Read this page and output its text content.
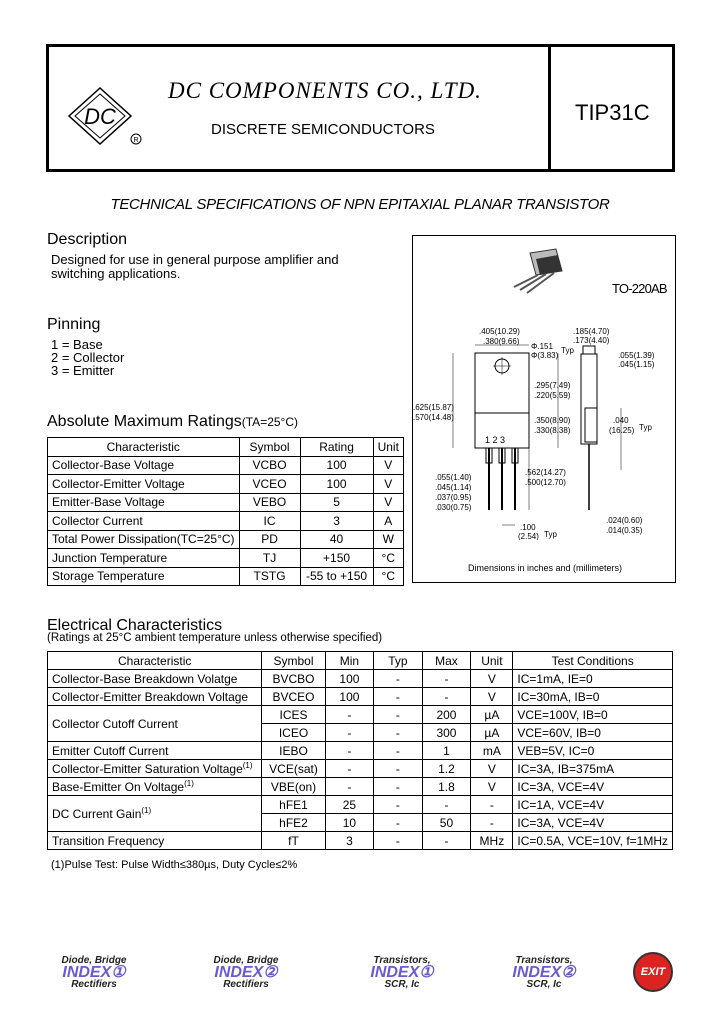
DC
R
DC COMPONENTS CO., LTD.
DISCRETE SEMICONDUCTORS
TIP31C
TECHNICAL SPECIFICATIONS OF NPN EPITAXIAL PLANAR TRANSISTOR
Description
Designed for use in general purpose amplifier and
switching applications.
Pinning
1 = Base
2 = Collector
3 = Emitter
TO-220AB
.405(10.29)
.380(9.66)
.185(4.70)
.173(4.40)
Φ.151
Φ(3.83)
Typ
.055(1.39)
.045(1.15)
.295(7.49)
.220(5.59)
.625(15.87)
.570(14.48)	.350(8.90)
.330(8.38)
.040
(16.25) Typ
1 2 3
.055(1.40)
.045(1.14)
.037(0.95)
.030(0.75)
.562(14.27)
.500(12.70)
.024(0.60)
.014(0.35)
.100
(2.54) Typ
Dimensions in inches and (millimeters)
Absolute Maximum Ratings(TA=25°C)
Characteristic	Symbol	Rating	Unit
Collector-Base Voltage	VCBO	100	V
Collector-Emitter Voltage	VCEO	100	V
Emitter-Base Voltage	VEBO	5	V
Collector Current	IC	3	A
Total Power Dissipation(TC=25°C)	PD	40	W
Junction Temperature	TJ	+150	°C
Storage Temperature	TSTG	-55 to +150	°C
Electrical Characteristics
(Ratings at 25°C ambient temperature unless otherwise specified)
Characteristic	Symbol	Min	Typ	Max	Unit	Test Conditions
Collector-Base Breakdown Volatge	BVCBO	100	-	-	V	IC=1mA, IE=0
Collector-Emitter Breakdown Voltage	BVCEO	100	-	-	V	IC=30mA, IB=0
Collector Cutoff Current	ICES	-	-	200	µA	VCE=100V, IB=0
	ICEO	-	-	300	µA	VCE=60V, IB=0
Emitter Cutoff Current	IEBO	-	-	1	mA	VEB=5V, IC=0
Collector-Emitter Saturation Voltage$^{(1)}$	VCE(sat)	-	-	1.2	V	IC=3A, IB=375mA
Base-Emitter On Voltage$^{(1)}$	VBE(on)	-	-	1.8	V	IC=3A, VCE=4V
DC Current Gain$^{(1)}$	hFE1	25	-	-	-	IC=1A, VCE=4V
	hFE2	10	-	50	-	IC=3A, VCE=4V
Transition Frequency	fT	3	-	-	MHz	IC=0.5A, VCE=10V, f=1MHz
(1)Pulse Test: Pulse Width≤380µs, Duty Cycle≤2%
Diode, Bridge
INDEX①
Rectifiers
Diode, Bridge
INDEX②
Rectifiers
Transistors,
INDEX①
SCR, Ic
Transistors,
INDEX②
SCR, Ic
EXIT
